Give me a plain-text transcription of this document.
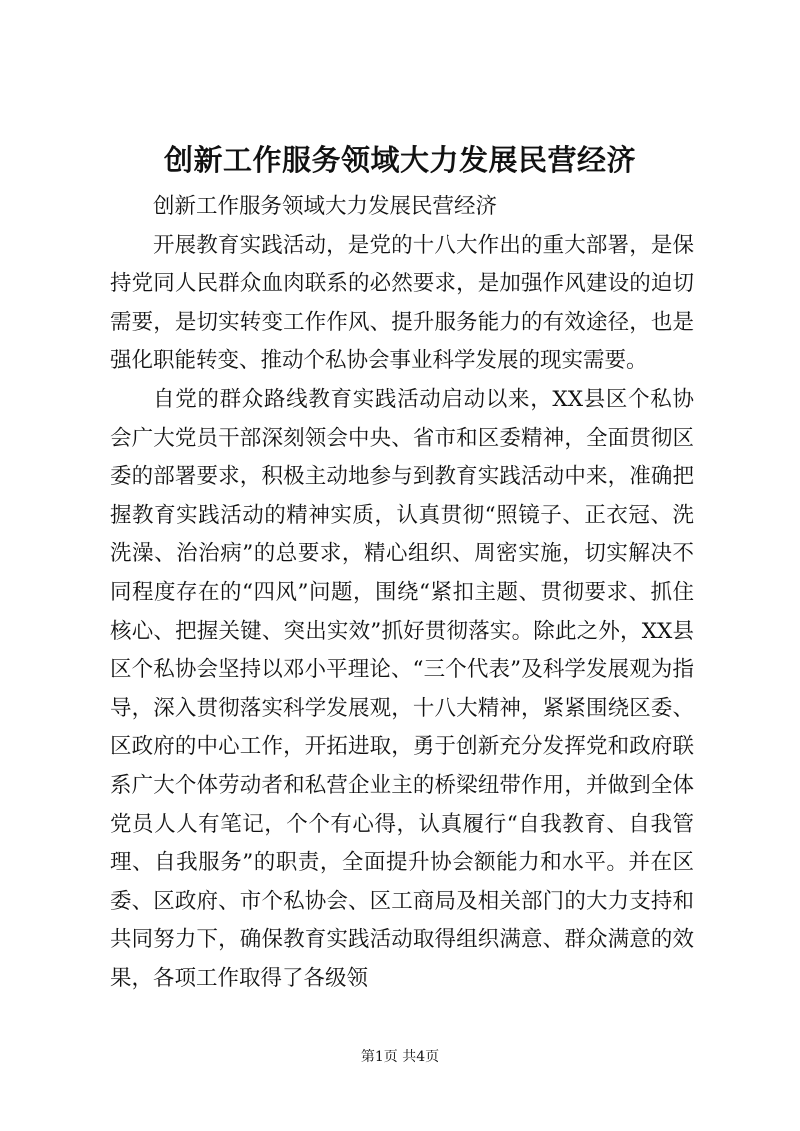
创新工作服务领域大力发展民营经济

创新工作服务领域大力发展民营经济

开展教育实践活动，是党的十八大作出的重大部署，是保持党同人民群众血肉联系的必然要求，是加强作风建设的迫切需要，是切实转变工作作风、提升服务能力的有效途径，也是强化职能转变、推动个私协会事业科学发展的现实需要。

自党的群众路线教育实践活动启动以来，XX县区个私协会广大党员干部深刻领会中央、省市和区委精神，全面贯彻区委的部署要求，积极主动地参与到教育实践活动中来，准确把握教育实践活动的精神实质，认真贯彻“照镜子、正衣冠、洗洗澡、治治病”的总要求，精心组织、周密实施，切实解决不同程度存在的“四风”问题，围绕“紧扣主题、贯彻要求、抓住核心、把握关键、突出实效”抓好贯彻落实。除此之外，XX县区个私协会坚持以邓小平理论、“三个代表”及科学发展观为指导，深入贯彻落实科学发展观，十八大精神，紧紧围绕区委、区政府的中心工作，开拓进取，勇于创新充分发挥党和政府联系广大个体劳动者和私营企业主的桥梁纽带作用，并做到全体党员人人有笔记，个个有心得，认真履行“自我教育、自我管理、自我服务”的职责，全面提升协会额能力和水平。并在区委、区政府、市个私协会、区工商局及相关部门的大力支持和共同努力下，确保教育实践活动取得组织满意、群众满意的效果，各项工作取得了各级领

第1页 共4页
